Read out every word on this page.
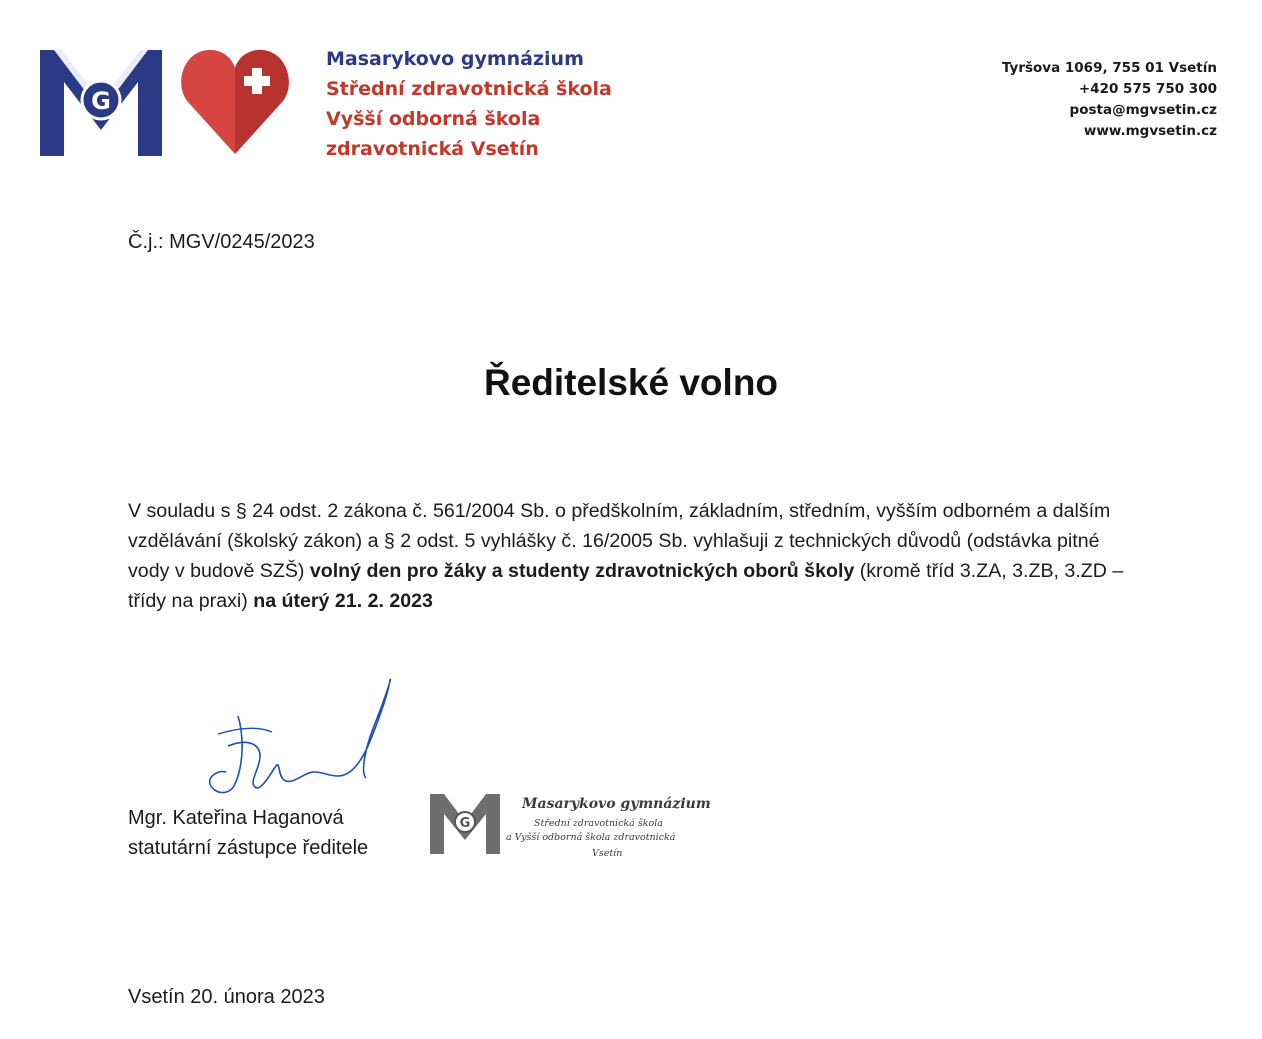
G
Masarykovo gymnázium
Střední zdravotnická škola
Vyšší odborná škola
zdravotnická Vsetín
Tyršova 1069, 755 01 Vsetín
+420 575 750 300
posta@mgvsetin.cz
www.mgvsetin.cz
Č.j.: MGV/0245/2023
Ředitelské volno
V souladu s § 24 odst. 2 zákona č. 561/2004 Sb. o předškolním, základním, středním, vyšším odborném a dalším vzdělávání (školský zákon) a § 2 odst. 5 vyhlášky č. 16/2005 Sb. vyhlašuji z technických důvodů (odstávka pitné vody v budově SZŠ) volný den pro žáky a studenty zdravotnických oborů školy (kromě tříd 3.ZA, 3.ZB, 3.ZD – třídy na praxi) na úterý 21. 2. 2023
Mgr. Kateřina Haganová
statutární zástupce ředitele
G
Masarykovo gymnázium
Střední zdravotnická škola
a Vyšší odborná škola zdravotnická
Vsetín
Vsetín 20. února 2023
